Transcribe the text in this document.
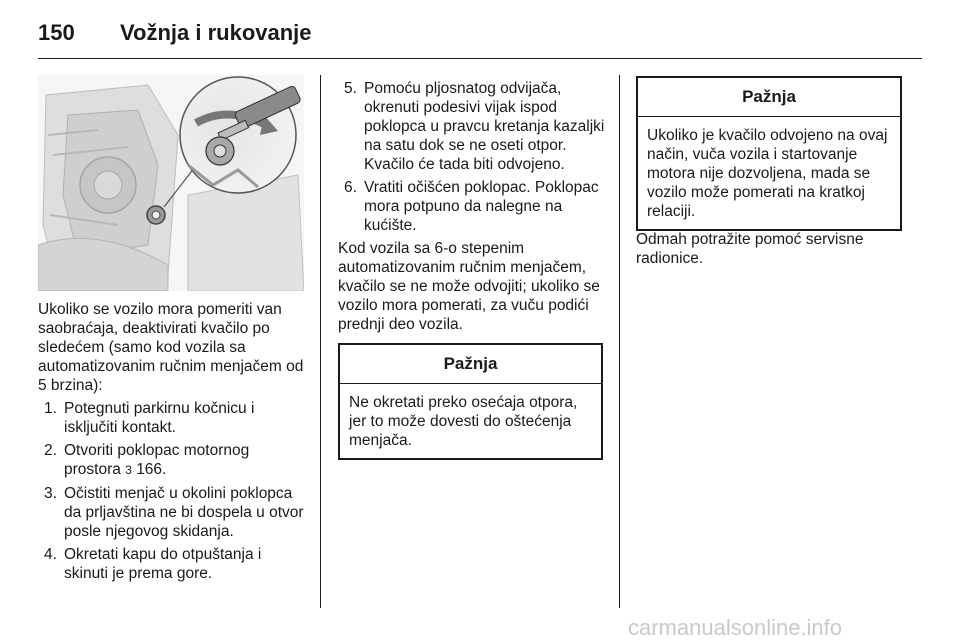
150 Vožnja i rukovanje

Ukoliko se vozilo mora pomeriti van saobraćaja, deaktivirati kvačilo po sledećem (samo kod vozila sa automatizovanim ručnim menjačem od 5 brzina):

1. Potegnuti parkirnu kočnicu i isključiti kontakt.
2. Otvoriti poklopac motornog prostora 3 166.
3. Očistiti menjač u okolini poklopca da prljavština ne bi dospela u otvor posle njegovog skidanja.
4. Okretati kapu do otpuštanja i skinuti je prema gore.
5. Pomoću pljosnatog odvijača, okrenuti podesivi vijak ispod poklopca u pravcu kretanja kazaljki na satu dok se ne oseti otpor. Kvačilo će tada biti odvojeno.
6. Vratiti očišćen poklopac. Poklopac mora potpuno da nalegne na kućište.

Kod vozila sa 6-o stepenim automatizovanim ručnim menjačem, kvačilo se ne može odvojiti; ukoliko se vozilo mora pomerati, za vuču podići prednji deo vozila.

Pažnja
Ne okretati preko osećaja otpora, jer to može dovesti do oštećenja menjača.
Pažnja
Ukoliko je kvačilo odvojeno na ovaj način, vuča vozila i startovanje motora nije dozvoljena, mada se vozilo može pomerati na kratkoj relaciji.

Odmah potražite pomoć servisne radionice.

carmanualsonline.info
